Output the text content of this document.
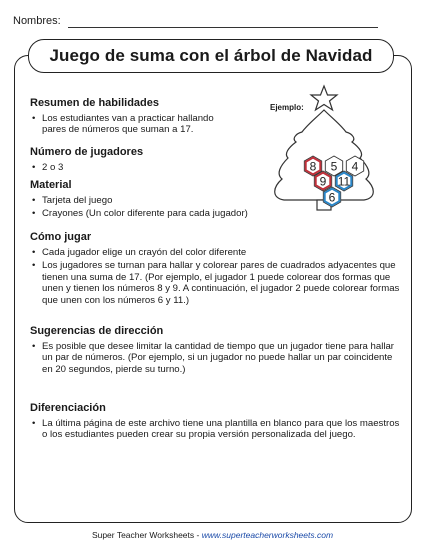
Nombres:
Juego de suma con el árbol de Navidad
Ejemplo:
8 5 4
9 11
6
Resumen de habilidades
• Los estudiantes van a practicar hallando pares de números que suman a 17.
Número de jugadores
• 2 o 3
Material
• Tarjeta del juego
• Crayones (Un color diferente para cada jugador)
Cómo jugar
• Cada jugador elige un crayón del color diferente
• Los jugadores se turnan para hallar y colorear pares de cuadrados adyacentes que tienen una suma de 17. (Por ejemplo, el jugador 1 puede colorear dos formas que unen y tienen los números 8 y 9. A continuación, el jugador 2 puede colorear formas que unen con los números 6 y 11.)
Sugerencias de dirección
• Es posible que desee limitar la cantidad de tiempo que un jugador tiene para hallar un par de números. (Por ejemplo, si un jugador no puede hallar un par coincidente en 20 segundos, pierde su turno.)
Diferenciación
• La última página de este archivo tiene una plantilla en blanco para que los maestros o los estudiantes pueden crear su propia versión personalizada del juego.
Super Teacher Worksheets - www.superteacherworksheets.com
